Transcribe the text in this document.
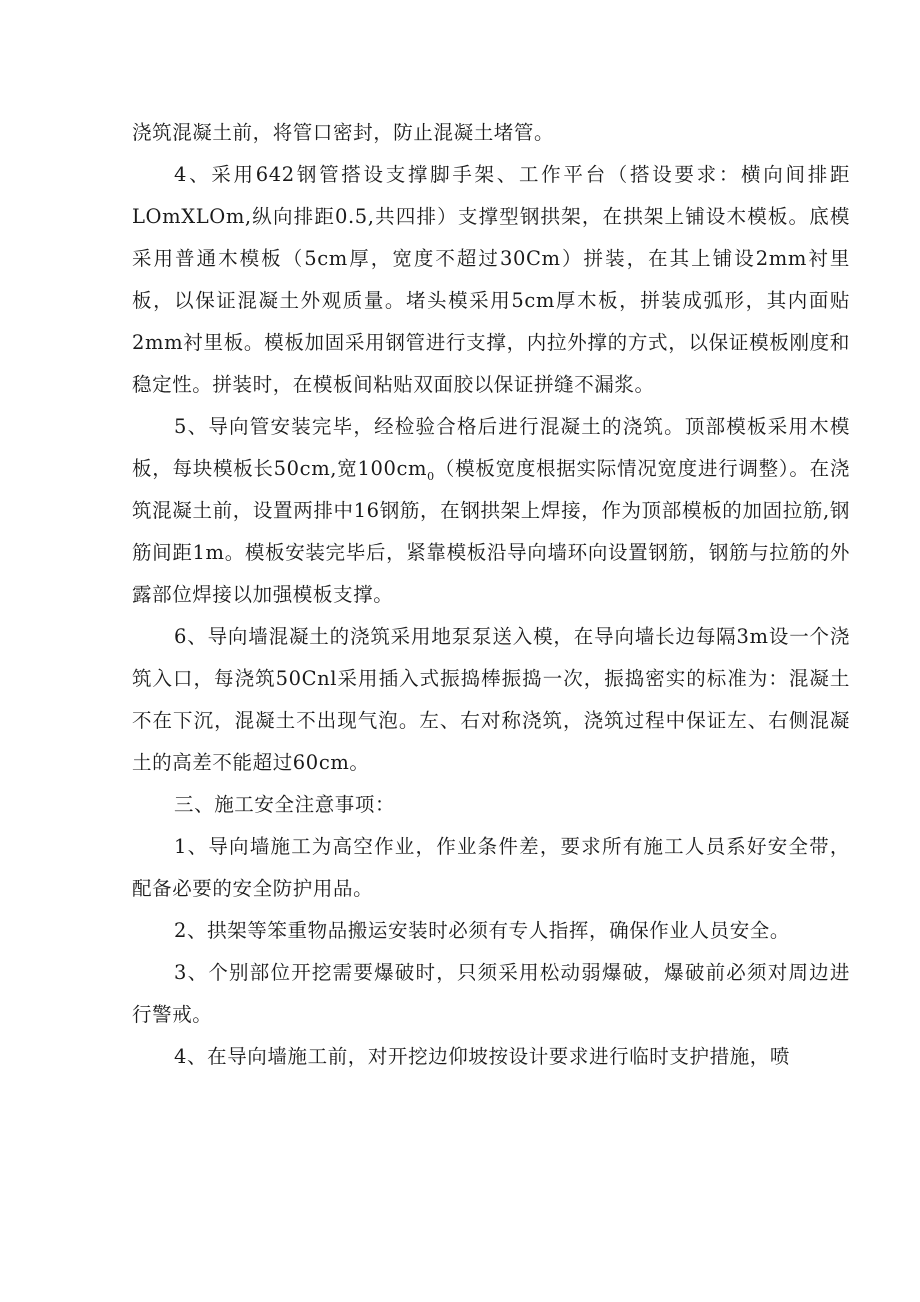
浇筑混凝土前，将管口密封，防止混凝土堵管。

4、采用642钢管搭设支撑脚手架、工作平台（搭设要求：横向间排距LOmXLOm,纵向排距0.5,共四排）支撑型钢拱架，在拱架上铺设木模板。底模采用普通木模板（5cm厚，宽度不超过30Cm）拼装，在其上铺设2mm衬里板，以保证混凝土外观质量。堵头模采用5cm厚木板，拼装成弧形，其内面贴2mm衬里板。模板加固采用钢管进行支撑，内拉外撑的方式，以保证模板刚度和稳定性。拼装时，在模板间粘贴双面胶以保证拼缝不漏浆。

5、导向管安装完毕，经检验合格后进行混凝土的浇筑。顶部模板采用木模板，每块模板长50cm,宽$100cm_0$（模板宽度根据实际情况宽度进行调整）。在浇筑混凝土前，设置两排中16钢筋，在钢拱架上焊接，作为顶部模板的加固拉筋,钢筋间距1m。模板安装完毕后，紧靠模板沿导向墙环向设置钢筋，钢筋与拉筋的外露部位焊接以加强模板支撑。

6、导向墙混凝土的浇筑采用地泵泵送入模，在导向墙长边每隔3m设一个浇筑入口，每浇筑50Cnl采用插入式振捣棒振捣一次，振捣密实的标准为：混凝土不在下沉，混凝土不出现气泡。左、右对称浇筑，浇筑过程中保证左、右侧混凝土的高差不能超过60cm。

三、施工安全注意事项：

1、导向墙施工为高空作业，作业条件差，要求所有施工人员系好安全带，配备必要的安全防护用品。

2、拱架等笨重物品搬运安装时必须有专人指挥，确保作业人员安全。

3、个别部位开挖需要爆破时，只须采用松动弱爆破，爆破前必须对周边进行警戒。

4、在导向墙施工前，对开挖边仰坡按设计要求进行临时支护措施，喷
